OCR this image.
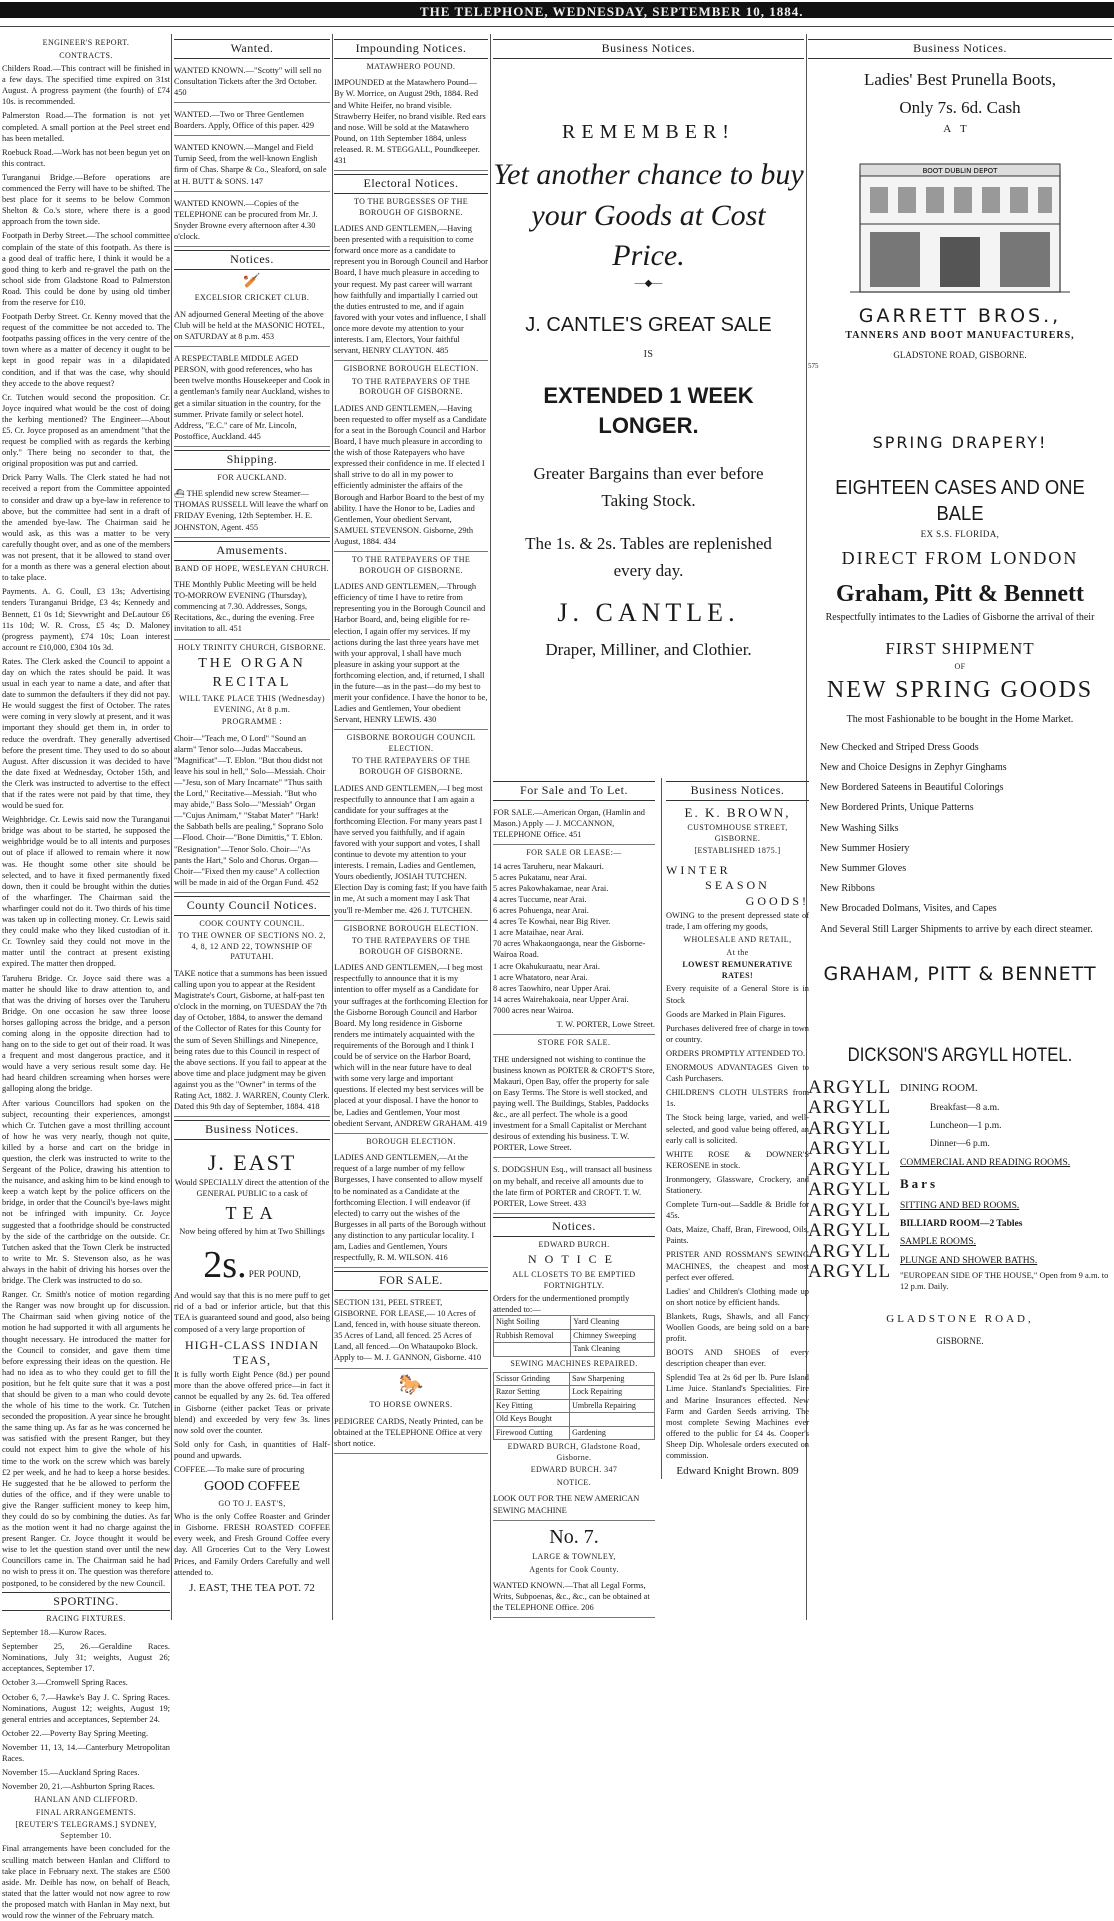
THE TELEPHONE, WEDNESDAY, SEPTEMBER 10, 1884.
ENGINEER'S REPORT.
CONTRACTS.

Childers Road.—This contract will be finished in a few days. The specified time expired on 31st August. A progress payment (the fourth) of £74 10s. is recommended.

Palmerston Road.—The formation is not yet completed. A small portion at the Peel street end has been metalled.

Roebuck Road.—Work has not been begun yet on this contract.

Turanganui Bridge.—Before operations are commenced the Ferry will have to be shifted. The best place for it seems to be below Common Shelton & Co.'s store, where there is a good approach from the town side.

Footpath in Derby Street.—The school committee complain of the state of this footpath. As there is a good deal of traffic here, I think it would be a good thing to kerb and re-gravel the path on the school side from Gladstone Road to Palmerston Road. This could be done by using old timber from the reserve for £10.

Footpath Derby Street. Cr. Kenny moved that the request of the committee be not acceded to. The footpaths passing offices in the very centre of the town where as a matter of decency it ought to be kept in good repair was in a dilapidated condition, and if that was the case, why should they accede to the above request?

Cr. Tutchen would second the proposition. Cr. Joyce inquired what would be the cost of doing the kerbing mentioned? The Engineer—About £5. Cr. Joyce proposed as an amendment "that the request be complied with as regards the kerbing only." There being no seconder to that, the original proposition was put and carried.

Drick Parry Walls. The Clerk stated he had not received a report from the Committee appointed to consider and draw up a bye-law in reference to above, but the committee had sent in a draft of the amended bye-law. The Chairman said he would ask, as this was a matter to be very carefully thought over, and as one of the members was not present, that it be allowed to stand over for a month as there was a general election about to take place.

Payments. A. G. Coull, £3 13s; Advertising tenders Turanganui Bridge, £3 4s; Kennedy and Bennett, £1 0s 1d; Sievwright and DeLautour £6 11s 10d; W. R. Cross, £5 4s; D. Maloney (progress payment), £74 10s; Loan interest account re £10,000, £304 10s 3d.

Rates. The Clerk asked the Council to appoint a day on which the rates should be paid. It was usual in each year to name a date, and after that date to summon the defaulters if they did not pay. He would suggest the first of October. The rates were coming in very slowly at present, and it was important they should get them in, in order to reduce the overdraft. They generally advertised before the present time. They used to do so about August. After discussion it was decided to have the date fixed at Wednesday, October 15th, and the Clerk was instructed to advertise to the effect that if the rates were not paid by that time, they would be sued for.

Weighbridge. Cr. Lewis said now the Turanganui bridge was about to be started, he supposed the weighbridge would be to all intents and purposes out of place if allowed to remain where it now was. He thought some other site should be selected, and to have it fixed permanently fixed down, then it could be brought within the duties of the wharfinger. The Chairman said the wharfinger could not do it. Two thirds of his time was taken up in collecting money. Cr. Lewis said they could make who they liked custodian of it. Cr. Townley said they could not move in the matter until the contract at present existing expired. The matter then dropped.

Taruheru Bridge. Cr. Joyce said there was a matter he should like to draw attention to, and that was the driving of horses over the Taruheru Bridge. On one occasion he saw three loose horses galloping across the bridge, and a person coming along in the opposite direction had to hang on to the side to get out of their road. It was a frequent and most dangerous practice, and it would have a very serious result some day. He had heard children screaming when horses were galloping along the bridge.

After various Councillors had spoken on the subject, recounting their experiences, amongst which Cr. Tutchen gave a most thrilling account of how he was very nearly, though not quite, killed by a horse and cart on the bridge in question, the clerk was instructed to write to the Sergeant of the Police, drawing his attention to the nuisance, and asking him to be kind enough to keep a watch kept by the police officers on the bridge, in order that the Council's bye-laws might not be infringed with impunity. Cr. Joyce suggested that a footbridge should be constructed by the side of the cartbridge on the outside. Cr. Tutchen asked that the Town Clerk be instructed to write to Mr. S. Stevenson also, as he was always in the habit of driving his horses over the bridge. The Clerk was instructed to do so.

Ranger. Cr. Smith's notice of motion regarding the Ranger was now brought up for discussion. The Chairman said when giving notice of the motion he had supported it with all arguments he thought necessary. He introduced the matter for the Council to consider, and gave them time before expressing their ideas on the question. He had no idea as to who they could get to fill the position, but he felt quite sure that it was a post that should be given to a man who could devote the whole of his time to the work. Cr. Tutchen seconded the proposition. A year since he brought the same thing up. As far as he was concerned he was satisfied with the present Ranger, but they could not expect him to give the whole of his time to the work on the screw which was barely £2 per week, and he had to keep a horse besides. He suggested that he be allowed to perform the duties of the office, and if they were unable to give the Ranger sufficient money to keep him, they could do so by combining the duties. As far as the motion went it had no charge against the present Ranger. Cr. Joyce thought it would be wise to let the question stand over until the new Councillors came in. The Chairman said he had no wish to press it on. The question was therefore postponed, to be considered by the new Council.

SPORTING.
RACING FIXTURES.

September 18.—Kurow Races.

September 25, 26.—Geraldine Races. Nominations, July 31; weights, August 26; acceptances, September 17.

October 3.—Cromwell Spring Races.

October 6, 7.—Hawke's Bay J. C. Spring Races. Nominations, August 12; weights, August 19; general entries and acceptances, September 24.

October 22.—Poverty Bay Spring Meeting.

November 11, 13, 14.—Canterbury Metropolitan Races.

November 15.—Auckland Spring Races.

November 20, 21.—Ashburton Spring Races.

HANLAN AND CLIFFORD.
FINAL ARRANGEMENTS.
[REUTER'S TELEGRAMS.] SYDNEY, September 10.

Final arrangements have been concluded for the sculling match between Hanlan and Clifford to take place in February next. The stakes are £500 aside. Mr. Deible has now, on behalf of Beach, stated that the latter would not now agree to row the proposed match with Hanlan in May next, but would row the winner of the February match.

Wanted.
WANTED KNOWN.—"Scotty" will sell no Consultation Tickets after the 3rd October. 450
WANTED.—Two or Three Gentlemen Boarders. Apply, Office of this paper. 429
WANTED KNOWN.—Mangel and Field Turnip Seed, from the well-known English firm of Chas. Sharpe & Co., Sleaford, on sale at H. BUTT & SONS. 147
WANTED KNOWN.—Copies of the TELEPHONE can be procured from Mr. J. Snyder Browne every afternoon after 4.30 o'clock.
Notices.
🏏
EXCELSIOR CRICKET CLUB.
AN adjourned General Meeting of the above Club will be held at the MASONIC HOTEL, on SATURDAY at 8 p.m. 453
A RESPECTABLE MIDDLE AGED PERSON, with good references, who has been twelve months Housekeeper and Cook in a gentleman's family near Auckland, wishes to get a similar situation in the country, for the summer. Private family or select hotel. Address, "E.C." care of Mr. Lincoln, Postoffice, Auckland. 445
Shipping.
FOR AUCKLAND.
⛴ THE splendid new screw Steamer— THOMAS RUSSELL Will leave the wharf on FRIDAY Evening, 12th September. H. E. JOHNSTON, Agent. 455
Amusements.
BAND OF HOPE, WESLEYAN CHURCH.
THE Monthly Public Meeting will be held TO-MORROW EVENING (Thursday), commencing at 7.30. Addresses, Songs, Recitations, &c., during the evening. Free invitation to all. 451
HOLY TRINITY CHURCH, GISBORNE.
THE ORGAN RECITAL
WILL TAKE PLACE THIS (Wednesday) EVENING, At 8 p.m.
PROGRAMME :
Choir—"Teach me, O Lord" "Sound an alarm" Tenor solo—Judas Maccabeus. "Magnificat"—T. Eblon. "But thou didst not leave his soul in hell," Solo—Messiah. Choir—"Jesu, son of Mary Incarnate" "Thus saith the Lord," Recitative—Messiah. "But who may abide," Bass Solo—"Messiah" Organ—"Cujus Animam," "Stabat Mater" "Hark! the Sabbath bells are pealing," Soprano Solo—Flood. Choir—"Bone Dimittis," T. Eblon. "Resignation"—Tenor Solo. Choir—"As pants the Hart," Solo and Chorus. Organ— Choir—"Fixed then my cause" A collection will be made in aid of the Organ Fund. 452
County Council Notices.
COOK COUNTY COUNCIL.
TO THE OWNER OF SECTIONS NO. 2, 4, 8, 12 AND 22, TOWNSHIP OF PATUTAHI.
TAKE notice that a summons has been issued calling upon you to appear at the Resident Magistrate's Court, Gisborne, at half-past ten o'clock in the morning, on TUESDAY the 7th day of October, 1884, to answer the demand of the Collector of Rates for this County for the sum of Seven Shillings and Ninepence, being rates due to this Council in respect of the above sections. If you fail to appear at the above time and place judgment may be given against you as the "Owner" in terms of the Rating Act, 1882. J. WARREN, County Clerk. Dated this 9th day of September, 1884. 418
Business Notices.
J. EAST

Would SPECIALLY direct the attention of the GENERAL PUBLIC to a cask of

TEA

Now being offered by him at Two Shillings

2s. PER POUND,

And would say that this is no mere puff to get rid of a bad or inferior article, but that this TEA is guaranteed sound and good, also being composed of a very large proportion of

HIGH-CLASS INDIAN TEAS,

It is fully worth Eight Pence (8d.) per pound more than the above offered price—in fact it cannot be equalled by any 2s. 6d. Tea offered in Gisborne (either packet Teas or private blend) and exceeded by very few 3s. lines now sold over the counter.

Sold only for Cash, in quantities of Half-pound and upwards.

COFFEE.—To make sure of procuring

GOOD COFFEE
GO TO J. EAST'S,

Who is the only Coffee Roaster and Grinder in Gisborne. FRESH ROASTED COFFEE every week, and Fresh Ground Coffee every day. All Groceries Cut to the Very Lowest Prices, and Family Orders Carefully and well attended to.

J. EAST, THE TEA POT. 72
Impounding Notices.
MATAWHERO POUND.
IMPOUNDED at the Matawhero Pound— By W. Morrice, on August 29th, 1884. Red and White Heifer, no brand visible. Strawberry Heifer, no brand visible. Red ears and nose. Will be sold at the Matawhero Pound, on 11th September 1884, unless released. R. M. STEGGALL, Poundkeeper. 431
Electoral Notices.
TO THE BURGESSES OF THE BOROUGH OF GISBORNE.
LADIES AND GENTLEMEN,—Having been presented with a requisition to come forward once more as a candidate to represent you in Borough Council and Harbor Board, I have much pleasure in acceding to your request. My past career will warrant how faithfully and impartially I carried out the duties entrusted to me, and if again favored with your votes and influence, I shall once more devote my attention to your interests. I am, Electors, Your faithful servant, HENRY CLAYTON. 485
GISBORNE BOROUGH ELECTION.
TO THE RATEPAYERS OF THE BOROUGH OF GISBORNE.
LADIES AND GENTLEMEN,—Having been requested to offer myself as a Candidate for a seat in the Borough Council and Harbor Board, I have much pleasure in according to the wish of those Ratepayers who have expressed their confidence in me. If elected I shall strive to do all in my power to efficiently administer the affairs of the Borough and Harbor Board to the best of my ability. I have the Honor to be, Ladies and Gentlemen, Your obedient Servant, SAMUEL STEVENSON. Gisborne, 29th August, 1884. 434
TO THE RATEPAYERS OF THE BOROUGH OF GISBORNE.
LADIES AND GENTLEMEN,—Through efficiency of time I have to retire from representing you in the Borough Council and Harbor Board, and, being eligible for re-election, I again offer my services. If my actions during the last three years have met with your approval, I shall have much pleasure in asking your support at the forthcoming election, and, if returned, I shall in the future—as in the past—do my best to merit your confidence. I have the honor to be, Ladies and Gentlemen, Your obedient Servant, HENRY LEWIS. 430
GISBORNE BOROUGH COUNCIL ELECTION.
TO THE RATEPAYERS OF THE BOROUGH OF GISBORNE.
LADIES AND GENTLEMEN,—I beg most respectfully to announce that I am again a candidate for your suffrages at the forthcoming Election. For many years past I have served you faithfully, and if again favored with your support and votes, I shall continue to devote my attention to your interests. I remain, Ladies and Gentlemen, Yours obediently, JOSIAH TUTCHEN. Election Day is coming fast; If you have faith in me, At such a moment may I ask That you'll re-Member me. 426 J. TUTCHEN.
GISBORNE BOROUGH ELECTION.
TO THE RATEPAYERS OF THE BOROUGH OF GISBORNE.
LADIES AND GENTLEMEN,—I beg most respectfully to announce that it is my intention to offer myself as a Candidate for your suffrages at the forthcoming Election for the Gisborne Borough Council and Harbor Board. My long residence in Gisborne renders me intimately acquainted with the requirements of the Borough and I think I could be of service on the Harbor Board, which will in the near future have to deal with some very large and important questions. If elected my best services will be placed at your disposal. I have the honor to be, Ladies and Gentlemen, Your most obedient Servant, ANDREW GRAHAM. 419
BOROUGH ELECTION.
LADIES AND GENTLEMEN,—At the request of a large number of my fellow Burgesses, I have consented to allow myself to be nominated as a Candidate at the forthcoming Election. I will endeavor (if elected) to carry out the wishes of the Burgesses in all parts of the Borough without any distinction to any particular locality. I am, Ladies and Gentlemen, Yours respectfully, R. M. WILSON. 416
FOR SALE.
SECTION 131, PEEL STREET, GISBORNE. FOR LEASE,— 10 Acres of Land, fenced in, with house situate thereon. 35 Acres of Land, all fenced. 25 Acres of Land, all fenced.—On Whataupoko Block. Apply to— M. J. GANNON, Gisborne. 410
🐎
TO HORSE OWNERS.
PEDIGREE CARDS, Neatly Printed, can be obtained at the TELEPHONE Office at very short notice.
Business Notices.
REMEMBER!
Yet another chance to buy
your Goods at Cost Price.
—◆—
J. CANTLE'S GREAT SALE
IS
EXTENDED 1 WEEK LONGER.
Greater Bargains than ever before
Taking Stock.
The 1s. & 2s. Tables are replenished
every day.
J. CANTLE.
Draper, Milliner, and Clothier.
For Sale and To Let.
FOR SALE.—American Organ, (Hamlin and Mason.) Apply — J. MCCANNON, TELEPHONE Office. 451
FOR SALE OR LEASE:—
14 acres Taruheru, near Makauri.
5 acres Pukatanu, near Arai.
5 acres Pakowhakamae, near Arai.
4 acres Tuccume, near Arai.
6 acres Pohuenga, near Arai.
4 acres Te Kowhai, near Big River.
1 acre Mataihae, near Arai.
70 acres Whakaongaonga, near the Gisborne-Wairoa Road.
1 acre Okahukuraatu, near Arai.
1 acre Whatatoro, near Arai.
8 acres Taowhiro, near Upper Arai.
14 acres Wairehakoaia, near Upper Arai.
7000 acres near Wairoa.
T. W. PORTER, Lowe Street.
STORE FOR SALE.
THE undersigned not wishing to continue the business known as PORTER & CROFT'S Store, Makauri, Open Bay, offer the property for sale on Easy Terms. The Store is well stocked, and paying well. The Buildings, Stables, Paddocks &c., are all perfect. The whole is a good investment for a Small Capitalist or Merchant desirous of extending his business. T. W. PORTER, Lowe Street.
S. DODGSHUN Esq., will transact all business on my behalf, and receive all amounts due to the late firm of PORTER and CROFT. T. W. PORTER, Lowe Street. 433
Notices.
EDWARD BURCH.
NOTICE
ALL CLOSETS TO BE EMPTIED FORTNIGHTLY.
Orders for the undermentioned promptly attended to:—
Night Soiling	Yard Cleaning
Rubbish Removal	Chimney Sweeping
	Tank Cleaning
SEWING MACHINES REPAIRED.
Scissor Grinding	Saw Sharpening
Razor Setting	Lock Repairing
Key Fitting	Umbrella Repairing
Old Keys Bought	
Firewood Cutting	Gardening
EDWARD BURCH, Gladstone Road, Gisborne.
EDWARD BURCH. 347
NOTICE.
LOOK OUT FOR THE NEW AMERICAN SEWING MACHINE
No. 7.
LARGE & TOWNLEY,
Agents for Cook County.
WANTED KNOWN.—That all Legal Forms, Writs, Subpoenas, &c., &c., can be obtained at the TELEPHONE Office. 206
Business Notices.
E. K. BROWN,
CUSTOMHOUSE STREET, GISBORNE.
[ESTABLISHED 1875.]
WINTER
SEASON
GOODS!

OWING to the present depressed state of trade, I am offering my goods,

WHOLESALE AND RETAIL,
At the
LOWEST REMUNERATIVE RATES!

Every requisite of a General Store is in Stock

Goods are Marked in Plain Figures.

Purchases delivered free of charge in town or country.

ORDERS PROMPTLY ATTENDED TO.

ENORMOUS ADVANTAGES Given to Cash Purchasers.

CHILDREN'S CLOTH ULSTERS from 1s.

The Stock being large, varied, and well-selected, and good value being offered, an early call is solicited.

WHITE ROSE & DOWNER'S KEROSENE in stock.

Ironmongery, Glassware, Crockery, and Stationery.

Complete Turn-out—Saddle & Bridle for 45s.

Oats, Maize, Chaff, Bran, Firewood, Oils, Paints.

PRISTER AND ROSSMAN'S SEWING MACHINES, the cheapest and most perfect ever offered.

Ladies' and Children's Clothing made up on short notice by efficient hands.

Blankets, Rugs, Shawls, and all Fancy Woollen Goods, are being sold on a bare profit.

BOOTS AND SHOES of every description cheaper than ever.

Splendid Tea at 2s 6d per lb. Pure Island Lime Juice. Stanland's Specialities. Fire and Marine Insurances effected. New Farm and Garden Seeds arriving. The most complete Sewing Machines ever offered to the public for £4 4s. Cooper's Sheep Dip. Wholesale orders executed on commission.

Edward Knight Brown. 809
Business Notices.
Ladies' Best Prunella Boots,
Only 7s. 6d. Cash
AT
BOOT DUBLIN DEPOT
GARRETT BROS.,
TANNERS AND BOOT MANUFACTURERS,
GLADSTONE ROAD, GISBORNE.
575
SPRING DRAPERY!
EIGHTEEN CASES AND ONE BALE
EX S.S. FLORIDA,
DIRECT FROM LONDON
Graham, Pitt & Bennett
Respectfully intimates to the Ladies of Gisborne the arrival of their
FIRST SHIPMENT
OF
NEW SPRING GOODS
The most Fashionable to be bought in the Home Market.
New Checked and Striped Dress Goods
New and Choice Designs in Zephyr Ginghams
New Bordered Sateens in Beautiful Colorings
New Bordered Prints, Unique Patterns
New Washing Silks
New Summer Hosiery
New Summer Gloves
New Ribbons
New Brocaded Dolmans, Visites, and Capes
And Several Still Larger Shipments to arrive by each direct steamer.
GRAHAM, PITT & BENNETT
DICKSON'S ARGYLL HOTEL.
ARGYLL
ARGYLL
ARGYLL
ARGYLL
ARGYLL
ARGYLL
ARGYLL
ARGYLL
ARGYLL
ARGYLL
DINING ROOM.
Breakfast—8 a.m.
Luncheon—1 p.m.
Dinner—6 p.m.
COMMERCIAL AND READING ROOMS.
Bars
SITTING AND BED ROOMS.
BILLIARD ROOM—2 Tables
SAMPLE ROOMS.
PLUNGE AND SHOWER BATHS.
"EUROPEAN SIDE OF THE HOUSE," Open from 9 a.m. to 12 p.m. Daily.
GLADSTONE ROAD,
GISBORNE.
